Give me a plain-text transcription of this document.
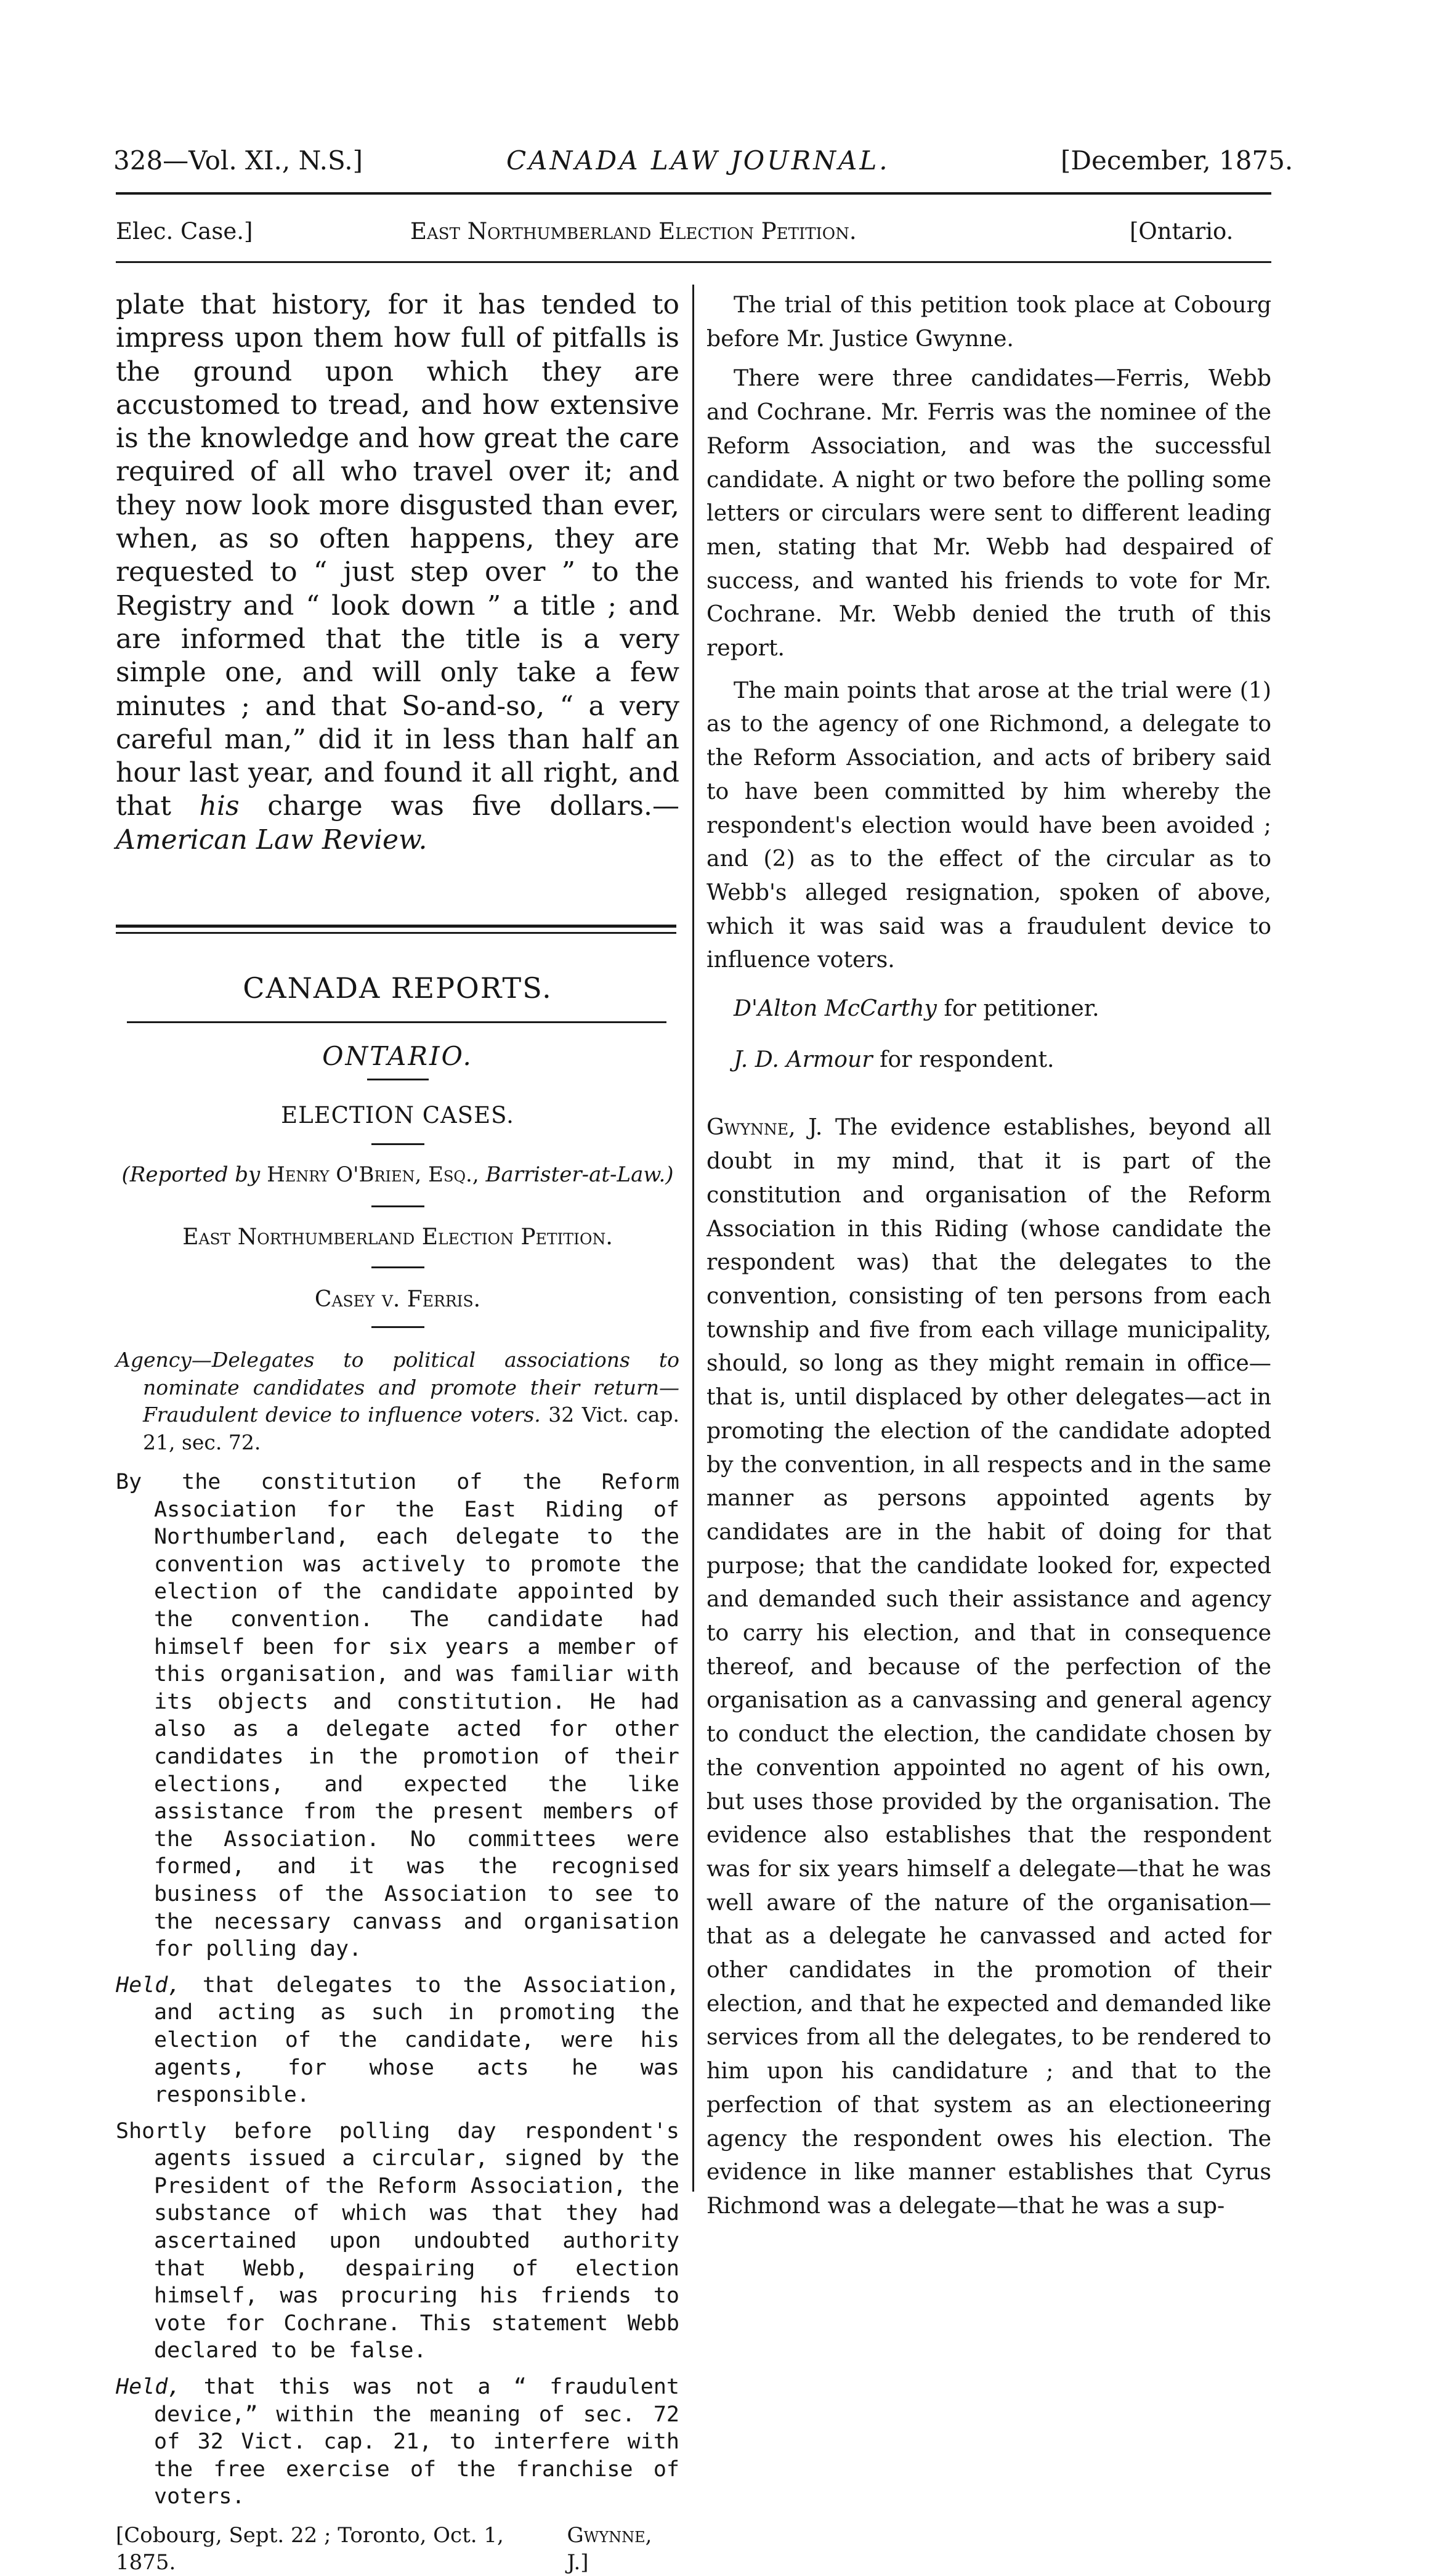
328—Vol. XI., N.S.]	CANADA LAW JOURNAL.	[December, 1875.
Elec. Case.]	East Northumberland Election Petition.	[Ontario.

plate that history, for it has tended to impress upon them how full of pitfalls is the ground upon which they are accustomed to tread, and how extensive is the knowledge and how great the care required of all who travel over it; and they now look more disgusted than ever, when, as so often happens, they are requested to “ just step over ” to the Registry and “ look down ” a title ; and are informed that the title is a very simple one, and will only take a few minutes ; and that So-and-so, “ a very careful man,” did it in less than half an hour last year, and found it all right, and that his charge was five dollars.—American Law Review.

CANADA REPORTS.
ONTARIO.
ELECTION CASES.
(Reported by Henry O'Brien, Esq., Barrister-at-Law.)
East Northumberland Election Petition.
Casey v. Ferris.

Agency—Delegates to political associations to nominate candidates and promote their return—Fraudulent device to influence voters. 32 Vict. cap. 21, sec. 72.

By the constitution of the Reform Association for the East Riding of Northumberland, each delegate to the convention was actively to promote the election of the candidate appointed by the convention. The candidate had himself been for six years a member of this organisation, and was familiar with its objects and constitution. He had also as a delegate acted for other candidates in the promotion of their elections, and expected the like assistance from the present members of the Association. No committees were formed, and it was the recognised business of the Association to see to the necessary canvass and organisation for polling day.

Held, that delegates to the Association, and acting as such in promoting the election of the candidate, were his agents, for whose acts he was responsible.

Shortly before polling day respondent's agents issued a circular, signed by the President of the Reform Association, the substance of which was that they had ascertained upon undoubted authority that Webb, despairing of election himself, was procuring his friends to vote for Cochrane. This statement Webb declared to be false.

Held, that this was not a “ fraudulent device,” within the meaning of sec. 72 of 32 Vict. cap. 21, to interfere with the free exercise of the franchise of voters.

[Cobourg, Sept. 22 ; Toronto, Oct. 1, 1875.
Gwynne, J.]

The trial of this petition took place at Cobourg before Mr. Justice Gwynne.

There were three candidates—Ferris, Webb and Cochrane. Mr. Ferris was the nominee of the Reform Association, and was the successful candidate. A night or two before the polling some letters or circulars were sent to different leading men, stating that Mr. Webb had despaired of success, and wanted his friends to vote for Mr. Cochrane. Mr. Webb denied the truth of this report.

The main points that arose at the trial were (1) as to the agency of one Richmond, a delegate to the Reform Association, and acts of bribery said to have been committed by him whereby the respondent's election would have been avoided ; and (2) as to the effect of the circular as to Webb's alleged resignation, spoken of above, which it was said was a fraudulent device to influence voters.

D'Alton McCarthy for petitioner.

J. D. Armour for respondent.

Gwynne, J. The evidence establishes, beyond all doubt in my mind, that it is part of the constitution and organisation of the Reform Association in this Riding (whose candidate the respondent was) that the delegates to the convention, consisting of ten persons from each township and five from each village municipality, should, so long as they might remain in office—that is, until displaced by other delegates—act in promoting the election of the candidate adopted by the convention, in all respects and in the same manner as persons appointed agents by candidates are in the habit of doing for that purpose; that the candidate looked for, expected and demanded such their assistance and agency to carry his election, and that in consequence thereof, and because of the perfection of the organisation as a canvassing and general agency to conduct the election, the candidate chosen by the convention appointed no agent of his own, but uses those provided by the organisation. The evidence also establishes that the respondent was for six years himself a delegate—that he was well aware of the nature of the organisation—that as a delegate he canvassed and acted for other candidates in the promotion of their election, and that he expected and demanded like services from all the delegates, to be rendered to him upon his candidature ; and that to the perfection of that system as an electioneering agency the respondent owes his election. The evidence in like manner establishes that Cyrus Richmond was a delegate—that he was a sup-
